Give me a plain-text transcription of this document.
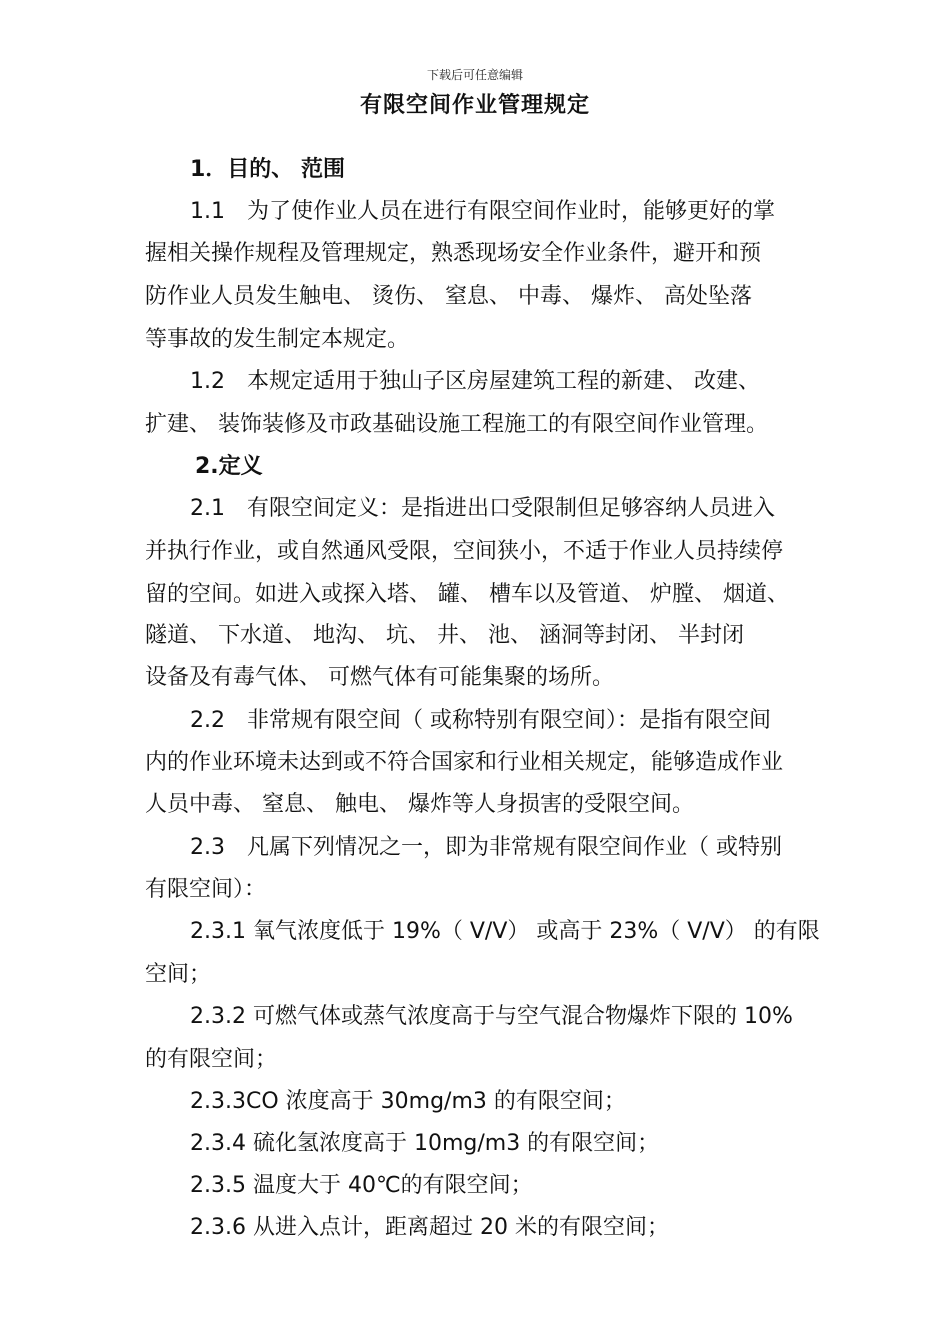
下载后可任意编辑
有限空间作业管理规定
1．目的、 范围
1.1　为了使作业人员在进行有限空间作业时，能够更好的掌
握相关操作规程及管理规定，熟悉现场安全作业条件，避开和预
防作业人员发生触电、 烫伤、 窒息、 中毒、 爆炸、 高处坠落
等事故的发生制定本规定。
1.2　本规定适用于独山子区房屋建筑工程的新建、 改建、
扩建、 装饰装修及市政基础设施工程施工的有限空间作业管理。
2.定义
2.1　有限空间定义：是指进出口受限制但足够容纳人员进入
并执行作业，或自然通风受限，空间狭小，不适于作业人员持续停
留的空间。如进入或探入塔、 罐、 槽车以及管道、 炉膛、 烟道、
隧道、 下水道、 地沟、 坑、 井、 池、 涵洞等封闭、 半封闭
设备及有毒气体、 可燃气体有可能集聚的场所。
2.2　非常规有限空间（ 或称特别有限空间）：是指有限空间
内的作业环境未达到或不符合国家和行业相关规定，能够造成作业
人员中毒、 窒息、 触电、 爆炸等人身损害的受限空间。
2.3　凡属下列情况之一，即为非常规有限空间作业（ 或特别
有限空间）：
2.3.1 氧气浓度低于 19%（ V/V） 或高于 23%（ V/V） 的有限
空间；
2.3.2 可燃气体或蒸气浓度高于与空气混合物爆炸下限的 10%
的有限空间；
2.3.3CO 浓度高于 30mg/m3 的有限空间；
2.3.4 硫化氢浓度高于 10mg/m3 的有限空间；
2.3.5 温度大于 40℃的有限空间；
2.3.6 从进入点计，距离超过 20 米的有限空间；
